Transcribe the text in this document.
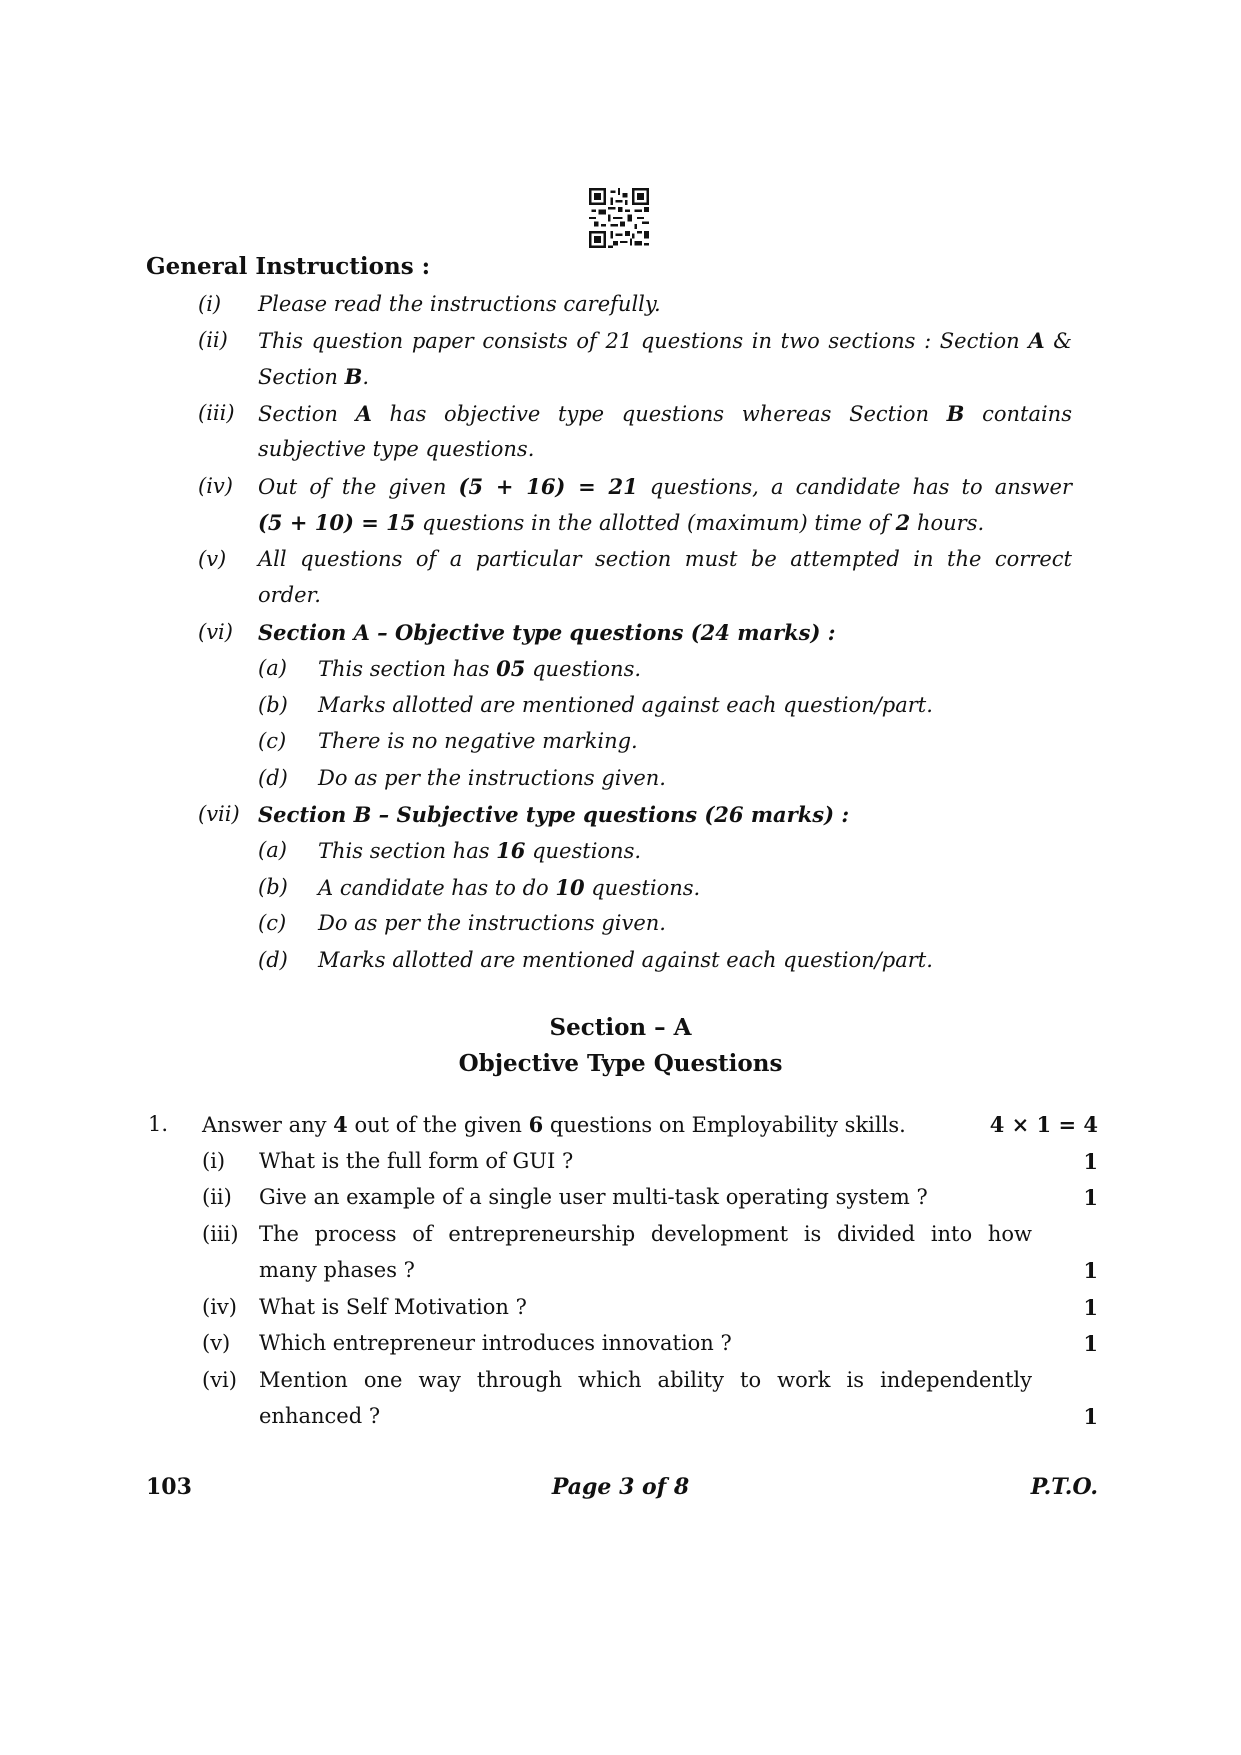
General Instructions :
(i) Please read the instructions carefully.
(ii) This question paper consists of 21 questions in two sections : Section A &
Section B.
(iii) Section A has objective type questions whereas Section B contains
subjective type questions.
(iv) Out of the given (5 + 16) = 21 questions, a candidate has to answer
(5 + 10) = 15 questions in the allotted (maximum) time of 2 hours.
(v) All questions of a particular section must be attempted in the correct
order.
(vi) Section A – Objective type questions (24 marks) :
(a) This section has 05 questions.
(b) Marks allotted are mentioned against each question/part.
(c) There is no negative marking.
(d) Do as per the instructions given.
(vii) Section B – Subjective type questions (26 marks) :
(a) This section has 16 questions.
(b) A candidate has to do 10 questions.
(c) Do as per the instructions given.
(d) Marks allotted are mentioned against each question/part.
Section – A
Objective Type Questions
1. Answer any 4 out of the given 6 questions on Employability skills.	4 × 1 = 4
(i) What is the full form of GUI ?	1
(ii) Give an example of a single user multi-task operating system ?	1
(iii) The process of entrepreneurship development is divided into how
many phases ?	1
(iv) What is Self Motivation ?	1
(v) Which entrepreneur introduces innovation ?	1
(vi) Mention one way through which ability to work is independently
enhanced ?	1
103	Page 3 of 8	P.T.O.
